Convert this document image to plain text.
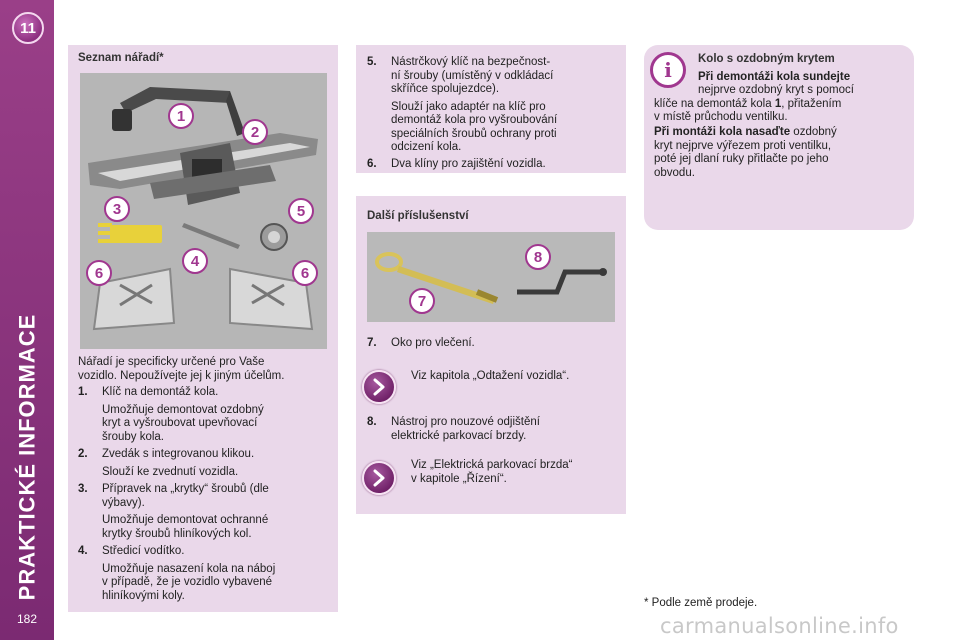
11
PRAKTICKÉ INFORMACE
182
Seznam nářadí*
1
2
3
4
5
6	6
Nářadí je specificky určené pro Vaše
vozidlo. Nepoužívejte jej k jiným účelům.
1.	Klíč na demontáž kola.
Umožňuje demontovat ozdobný
kryt a vyšroubovat upevňovací
šrouby kola.
2.	Zvedák s integrovanou klikou.
Slouží ke zvednutí vozidla.
3.	Přípravek na „krytky“ šroubů (dle
výbavy).
Umožňuje demontovat ochranné
krytky šroubů hliníkových kol.
4.	Středicí vodítko.
Umožňuje nasazení kola na náboj
v případě, že je vozidlo vybavené
hliníkovými koly.
5.	Nástrčkový klíč na bezpečnost-
ní šrouby (umístěný v odkládací
skříňce spolujezdce).
Slouží jako adaptér na klíč pro
demontáž kola pro vyšroubování
speciálních šroubů ochrany proti
odcizení kola.
6.	Dva klíny pro zajištění vozidla.
Další příslušenství
8
7
7.	Oko pro vlečení.
Viz kapitola „Odtažení vozidla“.
8.	Nástroj pro nouzové odjištění
elektrické parkovací brzdy.
Viz „Elektrická parkovací brzda“
v kapitole „Řízení“.
i	Kolo s ozdobným krytem
Při demontáži kola sundejte
nejprve ozdobný kryt s pomocí
klíče na demontáž kola 1, přitažením
v místě průchodu ventilku.
Při montáži kola nasaďte ozdobný
kryt nejprve výřezem proti ventilku,
poté jej dlaní ruky přitlačte po jeho
obvodu.
* Podle země prodeje.
carmanualsonline.info
